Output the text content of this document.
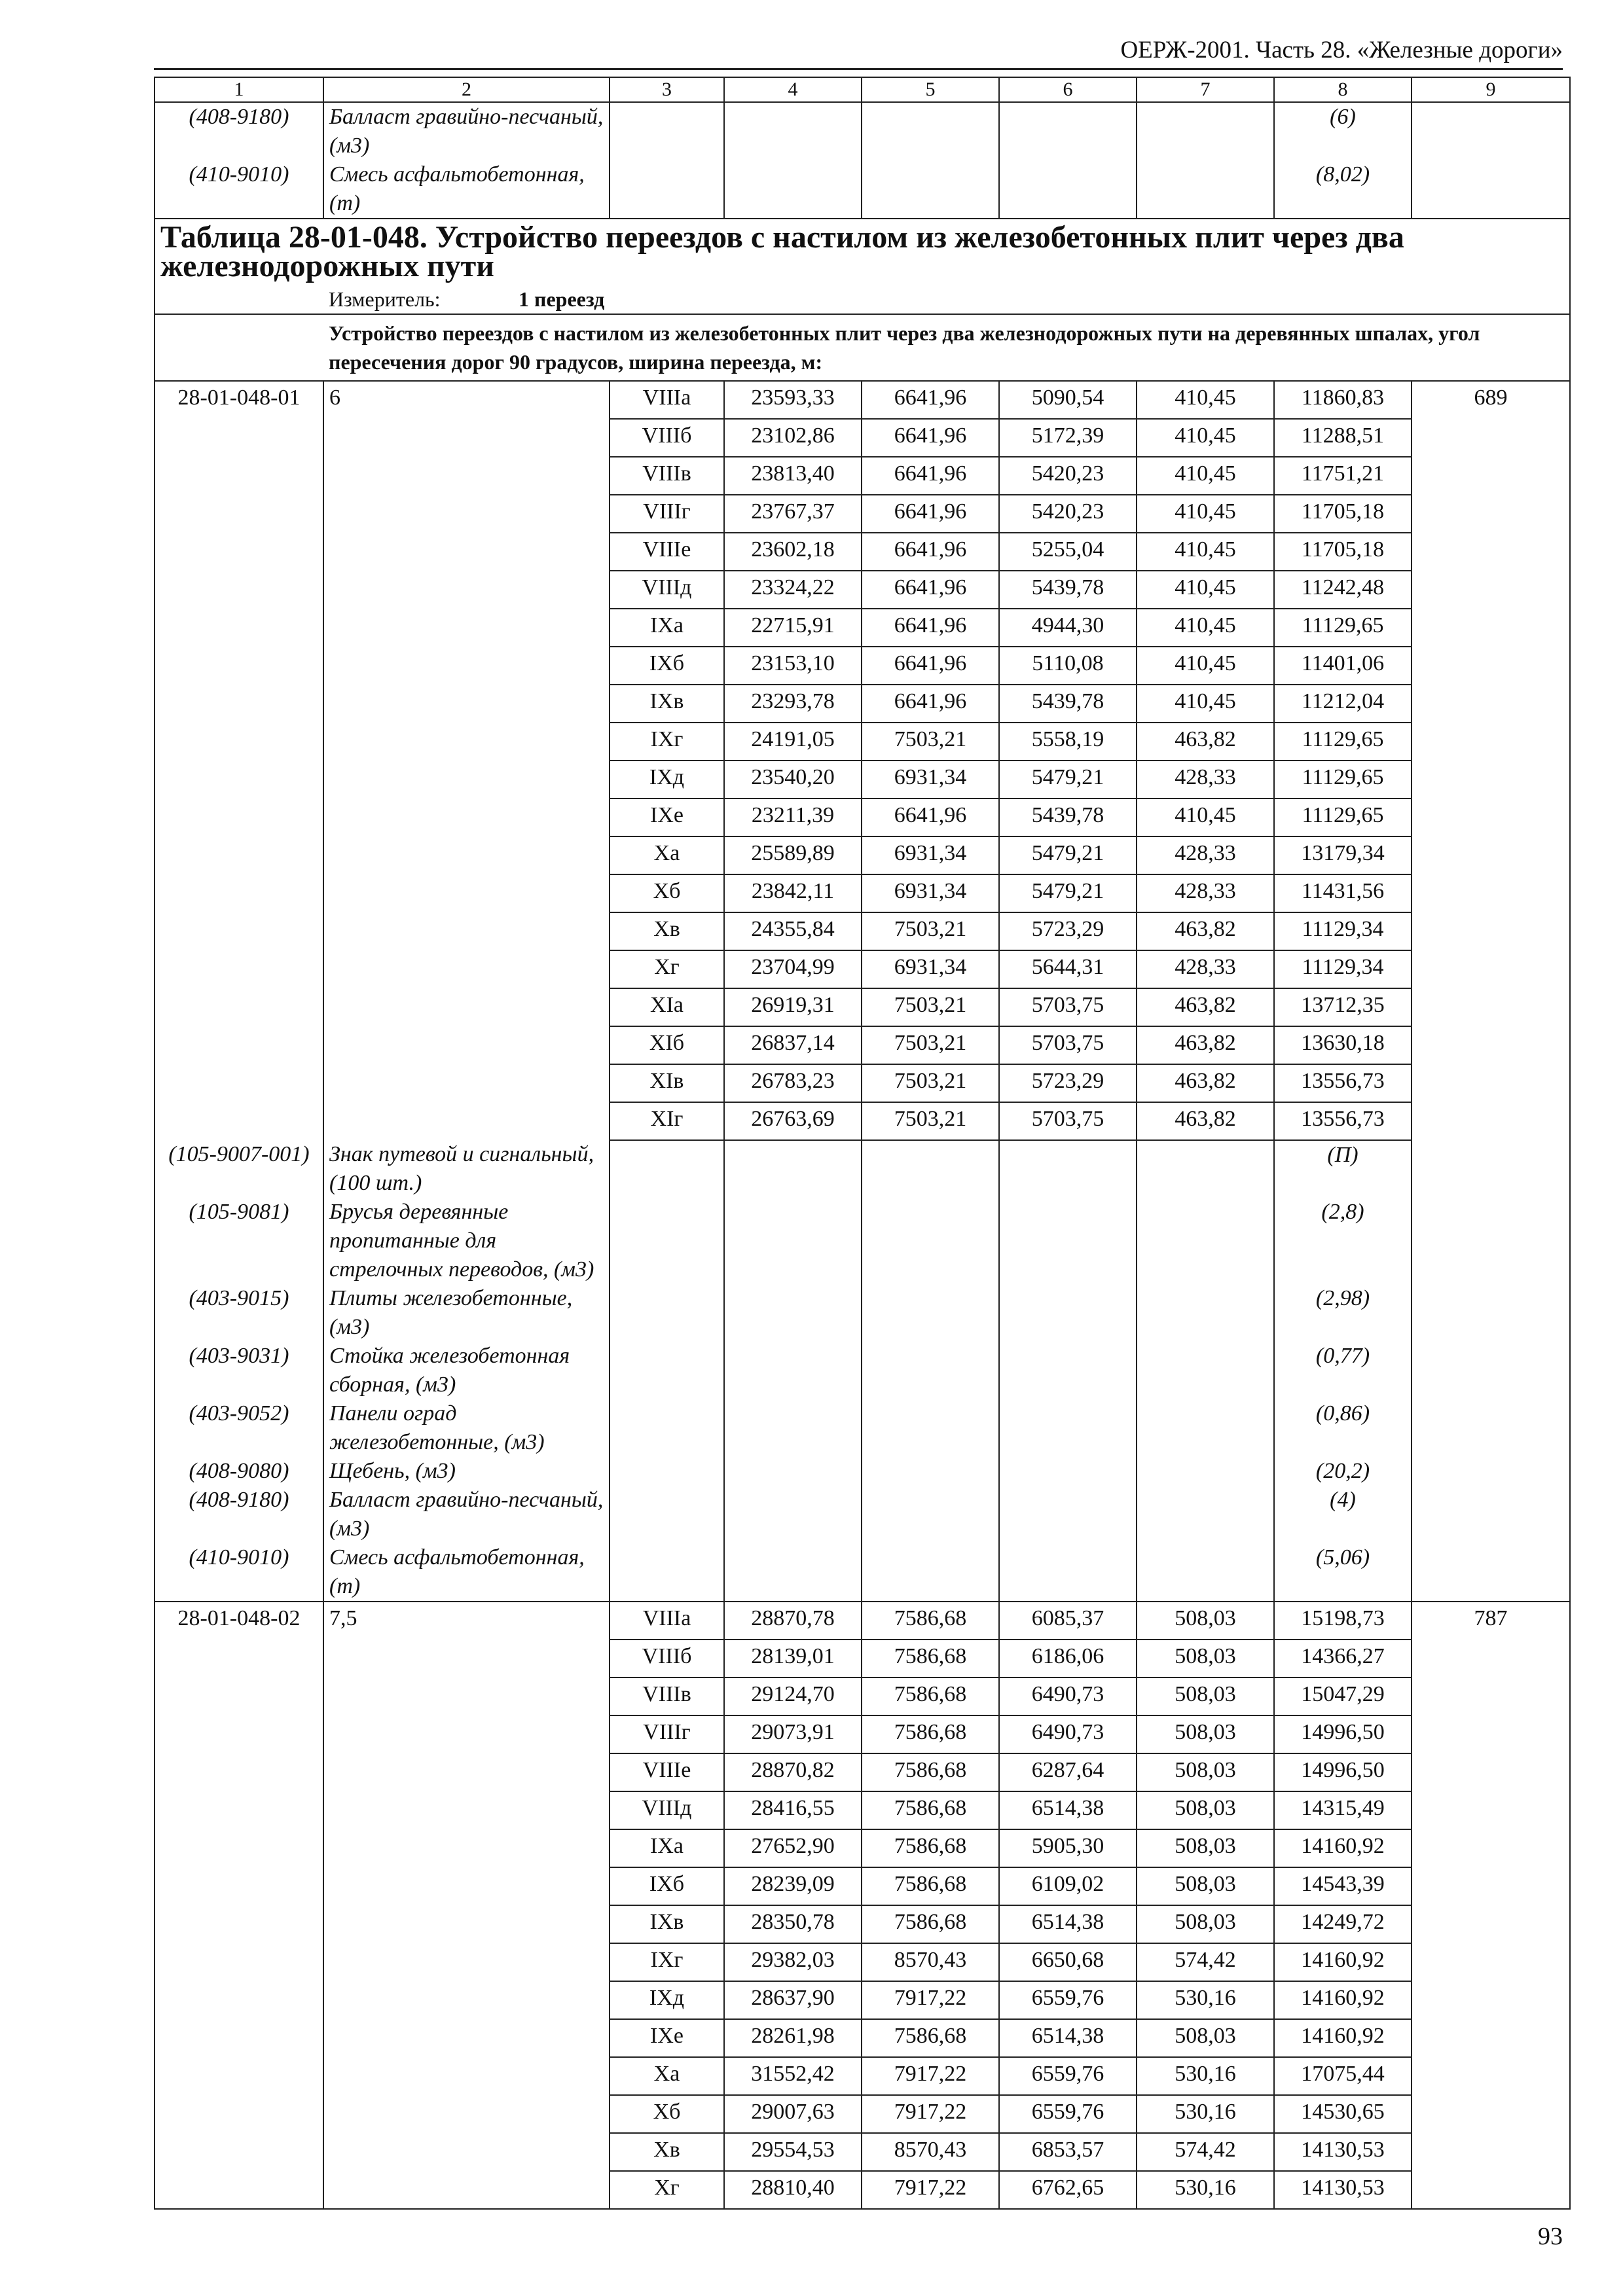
ОЕРЖ-2001. Часть 28. «Железные дороги»
1	2	3	4	5	6	7	8	9
(408-9180)	Балласт гравийно-песчаный, (м3)						(6)	
(410-9010)	Смесь асфальтобетонная, (т)						(8,02)	
Таблица 28-01-048. Устройство переездов с настилом из железобетонных плит через два железнодорожных пути								
	Измеритель: 1 переезд							
	Устройство переездов с настилом из железобетонных плит через два железнодорожных пути на деревянных шпалах, угол пересечения дорог 90 градусов, ширина переезда, м:							
28-01-048-01	6	VIIIа	23593,33	6641,96	5090,54	410,45	11860,83	689
		VIIIб	23102,86	6641,96	5172,39	410,45	11288,51	
		VIIIв	23813,40	6641,96	5420,23	410,45	11751,21	
		VIIIг	23767,37	6641,96	5420,23	410,45	11705,18	
		VIIIе	23602,18	6641,96	5255,04	410,45	11705,18	
		VIIIд	23324,22	6641,96	5439,78	410,45	11242,48	
		IXа	22715,91	6641,96	4944,30	410,45	11129,65	
		IXб	23153,10	6641,96	5110,08	410,45	11401,06	
		IXв	23293,78	6641,96	5439,78	410,45	11212,04	
		IXг	24191,05	7503,21	5558,19	463,82	11129,65	
		IXд	23540,20	6931,34	5479,21	428,33	11129,65	
		IXе	23211,39	6641,96	5439,78	410,45	11129,65	
		Xа	25589,89	6931,34	5479,21	428,33	13179,34	
		Xб	23842,11	6931,34	5479,21	428,33	11431,56	
		Xв	24355,84	7503,21	5723,29	463,82	11129,34	
		Xг	23704,99	6931,34	5644,31	428,33	11129,34	
		XIа	26919,31	7503,21	5703,75	463,82	13712,35	
		XIб	26837,14	7503,21	5703,75	463,82	13630,18	
		XIв	26783,23	7503,21	5723,29	463,82	13556,73	
		XIг	26763,69	7503,21	5703,75	463,82	13556,73	
(105-9007-001)	Знак путевой и сигнальный, (100 шт.)						(П)	
(105-9081)	Брусья деревянные пропитанные для стрелочных переводов, (м3)						(2,8)	
(403-9015)	Плиты железобетонные, (м3)						(2,98)	
(403-9031)	Стойка железобетонная сборная, (м3)						(0,77)	
(403-9052)	Панели оград железобетонные, (м3)						(0,86)	
(408-9080)	Щебень, (м3)						(20,2)	
(408-9180)	Балласт гравийно-песчаный, (м3)						(4)	
(410-9010)	Смесь асфальтобетонная, (т)						(5,06)	
28-01-048-02	7,5	VIIIа	28870,78	7586,68	6085,37	508,03	15198,73	787
		VIIIб	28139,01	7586,68	6186,06	508,03	14366,27	
		VIIIв	29124,70	7586,68	6490,73	508,03	15047,29	
		VIIIг	29073,91	7586,68	6490,73	508,03	14996,50	
		VIIIе	28870,82	7586,68	6287,64	508,03	14996,50	
		VIIIд	28416,55	7586,68	6514,38	508,03	14315,49	
		IXа	27652,90	7586,68	5905,30	508,03	14160,92	
		IXб	28239,09	7586,68	6109,02	508,03	14543,39	
		IXв	28350,78	7586,68	6514,38	508,03	14249,72	
		IXг	29382,03	8570,43	6650,68	574,42	14160,92	
		IXд	28637,90	7917,22	6559,76	530,16	14160,92	
		IXе	28261,98	7586,68	6514,38	508,03	14160,92	
		Xа	31552,42	7917,22	6559,76	530,16	17075,44	
		Xб	29007,63	7917,22	6559,76	530,16	14530,65	
		Xв	29554,53	8570,43	6853,57	574,42	14130,53	
		Xг	28810,40	7917,22	6762,65	530,16	14130,53	
93
